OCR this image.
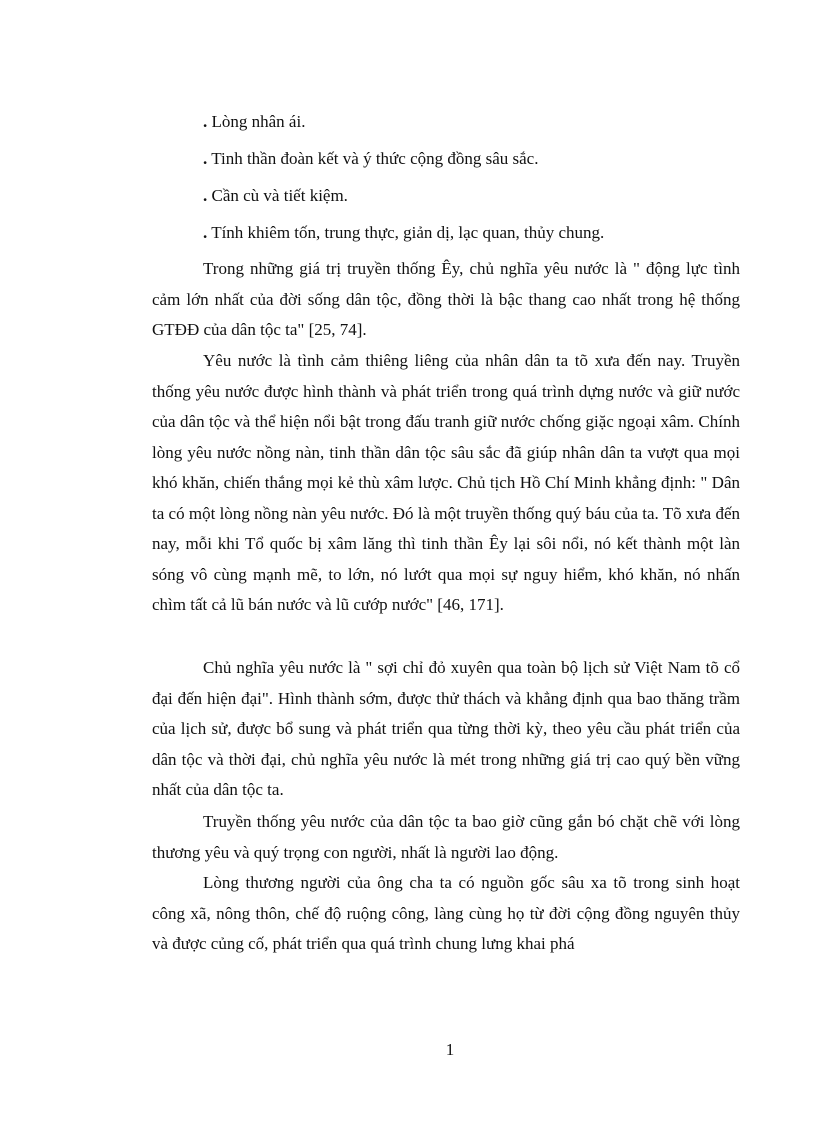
. Lòng nhân ái.
. Tinh thần đoàn kết và ý thức cộng đồng sâu sắc.
. Cần cù và tiết kiệm.
. Tính khiêm tốn, trung thực, giản dị, lạc quan, thủy chung.

Trong những giá trị truyền thống Êy, chủ nghĩa yêu nước là " động lực tình cảm lớn nhất của đời sống dân tộc, đồng thời là bậc thang cao nhất trong hệ thống GTĐĐ của dân tộc ta" [25, 74].

Yêu nước là tình cảm thiêng liêng của nhân dân ta tõ xưa đến nay. Truyền thống yêu nước được hình thành và phát triển trong quá trình dựng nước và giữ nước của dân tộc và thể hiện nổi bật trong đấu tranh giữ nước chống giặc ngoại xâm. Chính lòng yêu nước nồng nàn, tinh thần dân tộc sâu sắc đã giúp nhân dân ta vượt qua mọi khó khăn, chiến thắng mọi kẻ thù xâm lược. Chủ tịch Hồ Chí Minh khẳng định: " Dân ta có một lòng nồng nàn yêu nước. Đó là một truyền thống quý báu của ta. Tõ xưa đến nay, mỗi khi Tổ quốc bị xâm lăng thì tinh thần Êy lại sôi nổi, nó kết thành một làn sóng vô cùng mạnh mẽ, to lớn, nó lướt qua mọi sự nguy hiểm, khó khăn, nó nhấn chìm tất cả lũ bán nước và lũ cướp nước" [46, 171].

Chủ nghĩa yêu nước là " sợi chỉ đỏ xuyên qua toàn bộ lịch sử Việt Nam tõ cổ đại đến hiện đại". Hình thành sớm, được thử thách và khẳng định qua bao thăng trầm của lịch sử, được bổ sung và phát triển qua từng thời kỳ, theo yêu cầu phát triển của dân tộc và thời đại, chủ nghĩa yêu nước là mét trong những giá trị cao quý bền vững nhất của dân tộc ta.

Truyền thống yêu nước của dân tộc ta bao giờ cũng gắn bó chặt chẽ với lòng thương yêu và quý trọng con người, nhất là người lao động.

Lòng thương người của ông cha ta có nguồn gốc sâu xa tõ trong sinh hoạt công xã, nông thôn, chế độ ruộng công, làng cùng họ từ đời cộng đồng nguyên thủy và được củng cố, phát triển qua quá trình chung lưng khai phá

1
